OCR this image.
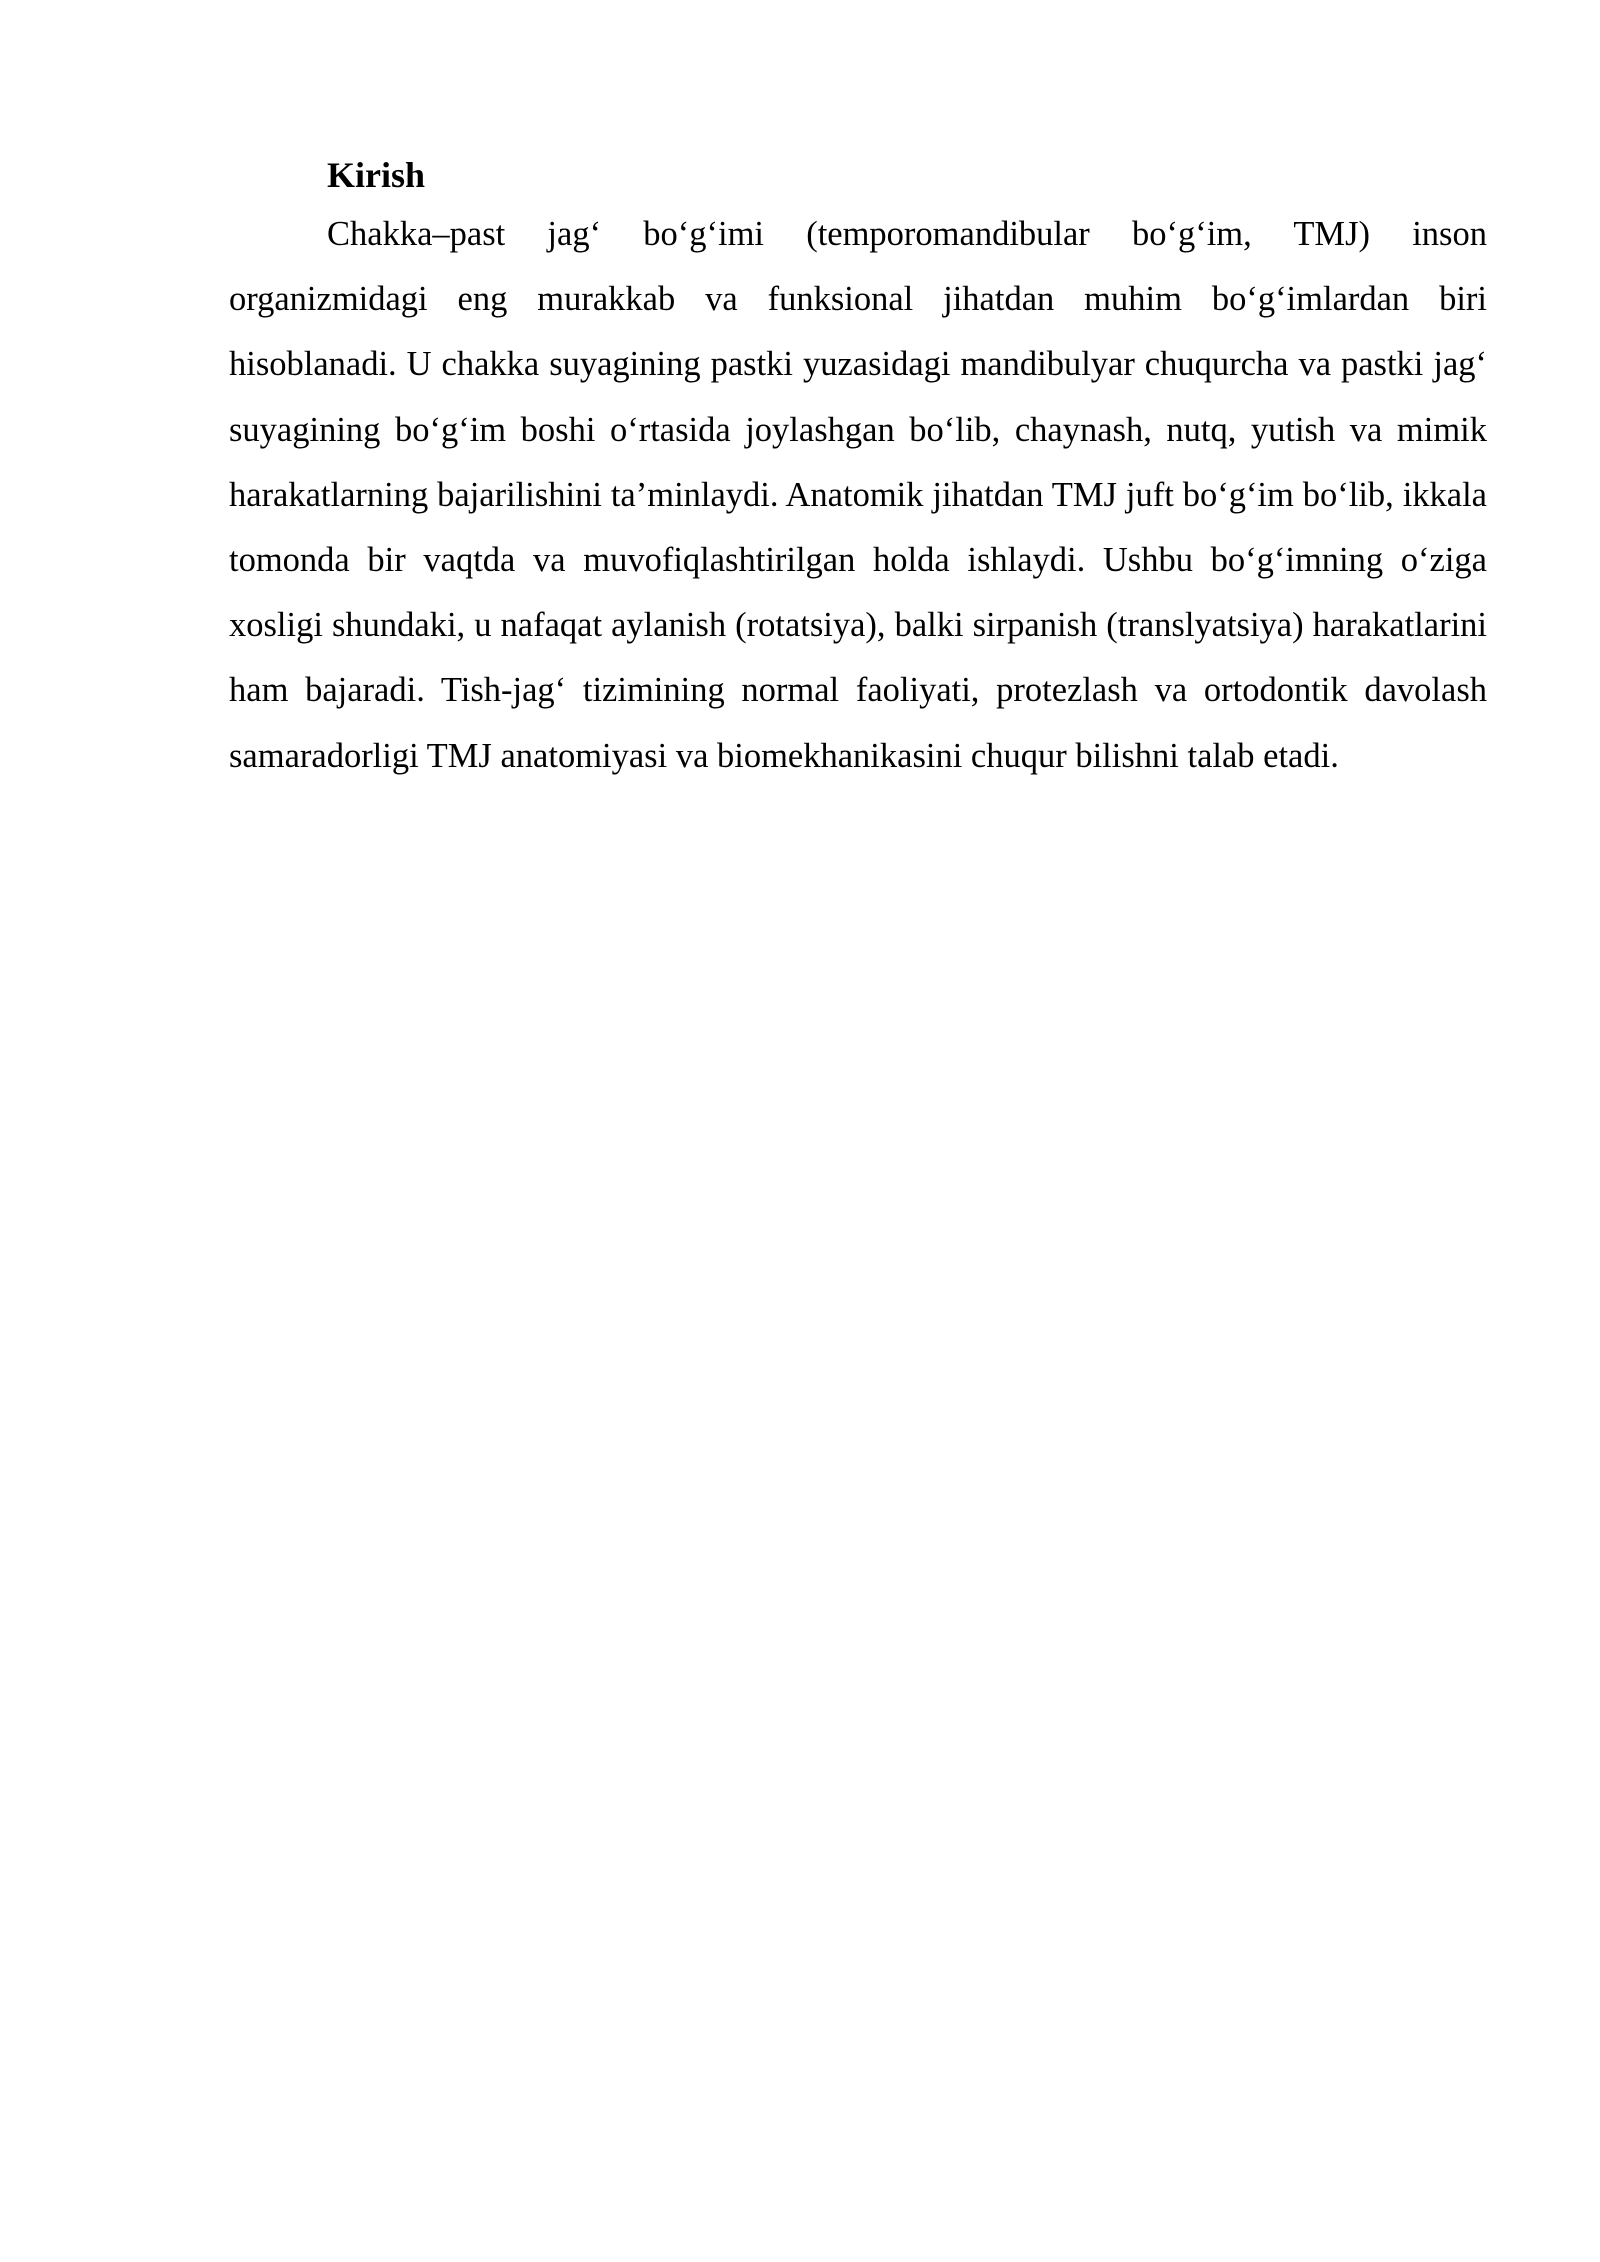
Kirish

Chakka–past jag‘ bo‘g‘imi (temporomandibular bo‘g‘im, TMJ) inson organizmidagi eng murakkab va funksional jihatdan muhim bo‘g‘imlardan biri hisoblanadi. U chakka suyagining pastki yuzasidagi mandibulyar chuqurcha va pastki jag‘ suyagining bo‘g‘im boshi o‘rtasida joylashgan bo‘lib, chaynash, nutq, yutish va mimik harakatlarning bajarilishini ta’minlaydi. Anatomik jihatdan TMJ juft bo‘g‘im bo‘lib, ikkala tomonda bir vaqtda va muvofiqlashtirilgan holda ishlaydi. Ushbu bo‘g‘imning o‘ziga xosligi shundaki, u nafaqat aylanish (rotatsiya), balki sirpanish (translyatsiya) harakatlarini ham bajaradi. Tish-jag‘ tizimining normal faoliyati, protezlash va ortodontik davolash samaradorligi TMJ anatomiyasi va biomekhanikasini chuqur bilishni talab etadi.
